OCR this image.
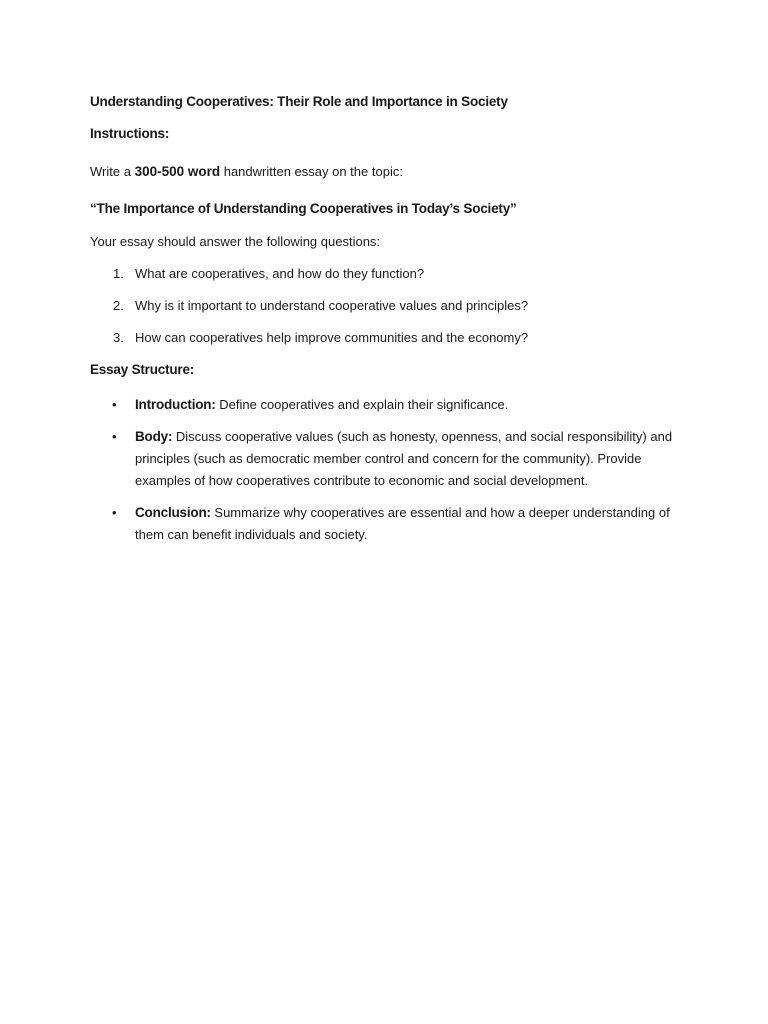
Understanding Cooperatives: Their Role and Importance in Society
Instructions:
Write a 300-500 word handwritten essay on the topic:
“The Importance of Understanding Cooperatives in Today’s Society”
Your essay should answer the following questions:
1. What are cooperatives, and how do they function?
2. Why is it important to understand cooperative values and principles?
3. How can cooperatives help improve communities and the economy?
Essay Structure:
• Introduction: Define cooperatives and explain their significance.
• Body: Discuss cooperative values (such as honesty, openness, and social responsibility) and principles (such as democratic member control and concern for the community). Provide examples of how cooperatives contribute to economic and social development.
• Conclusion: Summarize why cooperatives are essential and how a deeper understanding of them can benefit individuals and society.
